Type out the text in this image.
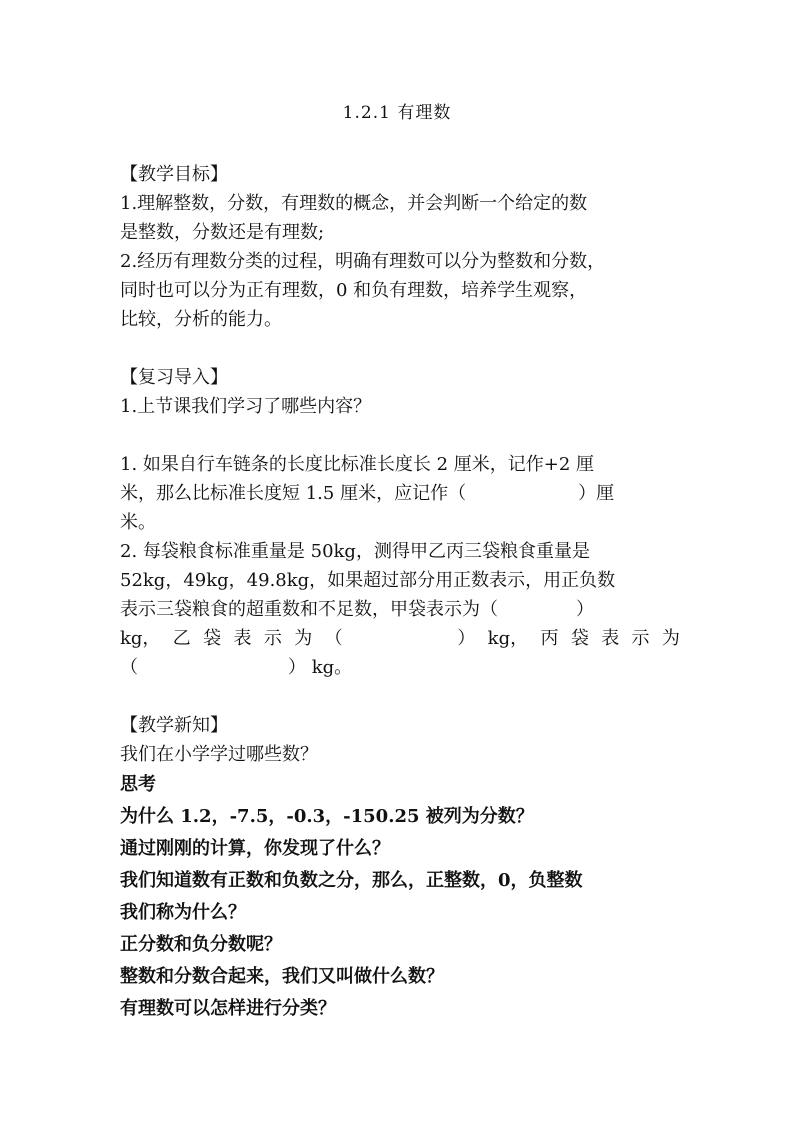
1.2.1 有理数
【教学目标】
1.理解整数，分数，有理数的概念，并会判断一个给定的数
是整数，分数还是有理数;
2.经历有理数分类的过程，明确有理数可以分为整数和分数，
同时也可以分为正有理数，0 和负有理数，培养学生观察，
比较，分析的能力。
【复习导入】
1.上节课我们学习了哪些内容？
1. 如果自行车链条的长度比标准长度长 2 厘米，记作+2 厘
米，那么比标准长度短 1.5 厘米，应记作（	）厘
米。
2. 每袋粮食标准重量是 50kg，测得甲乙丙三袋粮食重量是
52kg，49kg，49.8kg，如果超过部分用正数表示，用正负数
表示三袋粮食的超重数和不足数，甲袋表示为（	）
kg， 乙 袋 表 示 为 （	） kg， 丙 袋 表 示 为
（	） kg。
【教学新知】
我们在小学学过哪些数？
思考
为什么 1.2，-7.5，-0.3，-150.25 被列为分数？
通过刚刚的计算，你发现了什么？
我们知道数有正数和负数之分，那么，正整数，0，负整数
我们称为什么？
正分数和负分数呢？
整数和分数合起来，我们又叫做什么数？
有理数可以怎样进行分类？
